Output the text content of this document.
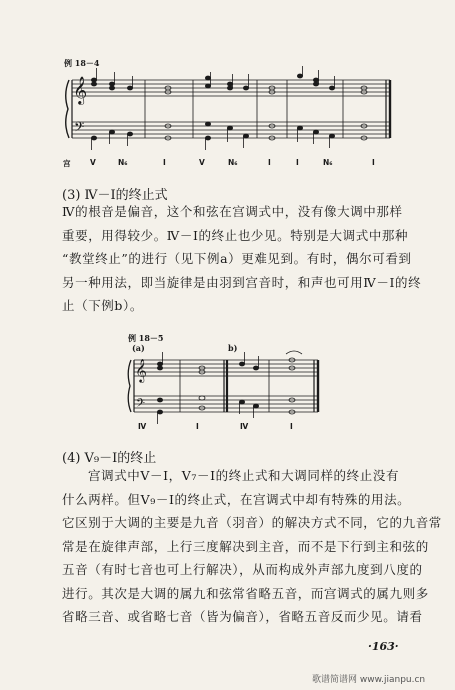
例 18－4
𝄞
𝄢
宫	V	N₆	I	V	N₆	I	I	N₆	I
(3) Ⅳ－Ⅰ的终止式
Ⅳ的根音是偏音，这个和弦在宫调式中，没有像大调中那样
重要，用得较少。Ⅳ－Ⅰ的终止也少见。特别是大调式中那种
“教堂终止”的进行（见下例a）更难见到。有时，偶尔可看到
另一种用法，即当旋律是由羽到宫音时，和声也可用Ⅳ－Ⅰ的终
止（下例b）。
例 18－5
(a)	b)
𝄞
𝄢
Ⅳ	Ⅰ	Ⅳ	Ⅰ
(4) V₉－Ⅰ的终止
宫调式中Ⅴ－Ⅰ，Ⅴ₇－Ⅰ的终止式和大调同样的终止没有
什么两样。但Ⅴ₉－Ⅰ的终止式，在宫调式中却有特殊的用法。
它区别于大调的主要是九音（羽音）的解决方式不同，它的九音常
常是在旋律声部，上行三度解决到主音，而不是下行到主和弦的
五音（有时七音也可上行解决），从而构成外声部九度到八度的
进行。其次是大调的属九和弦常省略五音，而宫调式的属九则多
省略三音、或省略七音（皆为偏音），省略五音反而少见。请看
·163·
歌谱简谱网 www.jianpu.cn
